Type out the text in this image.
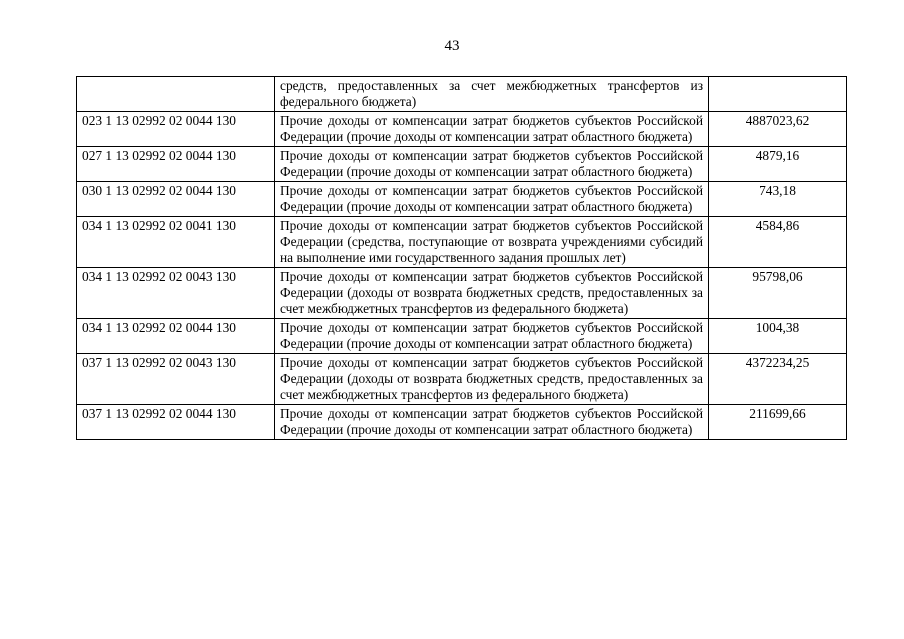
43
	средств, предоставленных за счет межбюджетных трансфертов из федерального бюджета)	
023 1 13 02992 02 0044 130	Прочие доходы от компенсации затрат бюджетов субъектов Российской Федерации (прочие доходы от компенсации затрат областного бюджета)	4887023,62
027 1 13 02992 02 0044 130	Прочие доходы от компенсации затрат бюджетов субъектов Российской Федерации (прочие доходы от компенсации затрат областного бюджета)	4879,16
030 1 13 02992 02 0044 130	Прочие доходы от компенсации затрат бюджетов субъектов Российской Федерации (прочие доходы от компенсации затрат областного бюджета)	743,18
034 1 13 02992 02 0041 130	Прочие доходы от компенсации затрат бюджетов субъектов Российской Федерации (средства, поступающие от возврата учреждениями субсидий на выполнение ими государственного задания прошлых лет)	4584,86
034 1 13 02992 02 0043 130	Прочие доходы от компенсации затрат бюджетов субъектов Российской Федерации (доходы от возврата бюджетных средств, предоставленных за счет межбюджетных трансфертов из федерального бюджета)	95798,06
034 1 13 02992 02 0044 130	Прочие доходы от компенсации затрат бюджетов субъектов Российской Федерации (прочие доходы от компенсации затрат областного бюджета)	1004,38
037 1 13 02992 02 0043 130	Прочие доходы от компенсации затрат бюджетов субъектов Российской Федерации (доходы от возврата бюджетных средств, предоставленных за счет межбюджетных трансфертов из федерального бюджета)	4372234,25
037 1 13 02992 02 0044 130	Прочие доходы от компенсации затрат бюджетов субъектов Российской Федерации (прочие доходы от компенсации затрат областного бюджета)	211699,66
